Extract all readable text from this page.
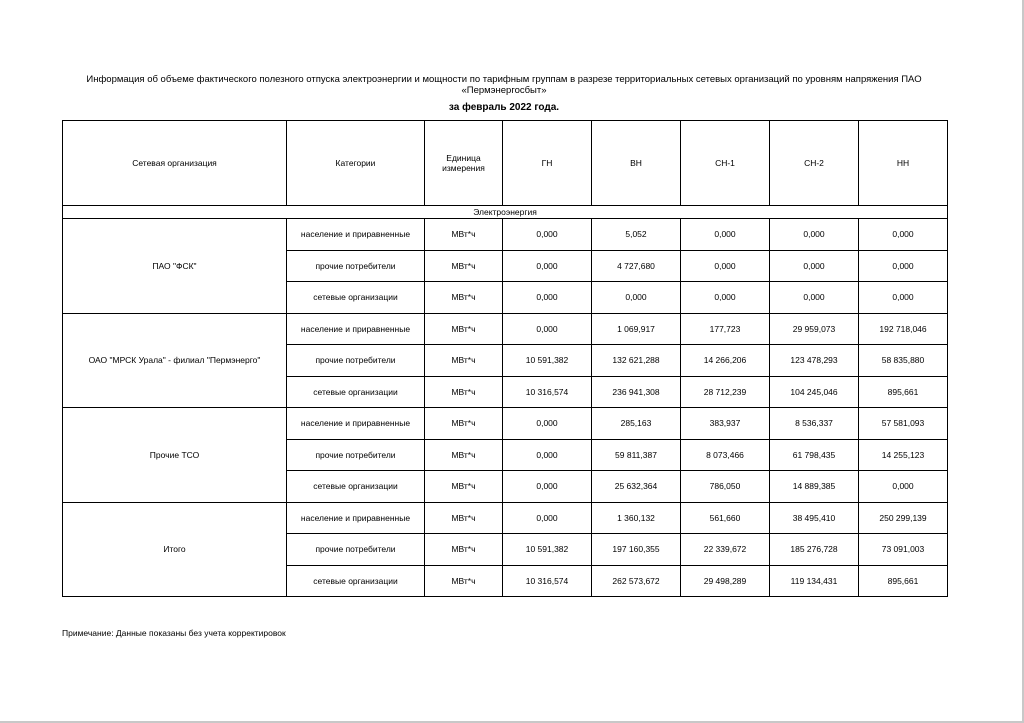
Информация об объеме фактического полезного отпуска электроэнергии и мощности по тарифным группам в разрезе территориальных сетевых организаций по уровням напряжения ПАО «Пермэнергосбыт»
за февраль 2022 года.
Сетевая организация	Категории	Единица измерения	ГН	ВН	СН-1	СН-2	НН
Электроэнергия							
ПАО "ФСК"	население и приравненные	МВт*ч	0,000	5,052	0,000	0,000	0,000
	прочие потребители	МВт*ч	0,000	4 727,680	0,000	0,000	0,000
	сетевые организации	МВт*ч	0,000	0,000	0,000	0,000	0,000
ОАО "МРСК Урала" - филиал "Пермэнерго"	население и приравненные	МВт*ч	0,000	1 069,917	177,723	29 959,073	192 718,046
	прочие потребители	МВт*ч	10 591,382	132 621,288	14 266,206	123 478,293	58 835,880
	сетевые организации	МВт*ч	10 316,574	236 941,308	28 712,239	104 245,046	895,661
Прочие ТСО	население и приравненные	МВт*ч	0,000	285,163	383,937	8 536,337	57 581,093
	прочие потребители	МВт*ч	0,000	59 811,387	8 073,466	61 798,435	14 255,123
	сетевые организации	МВт*ч	0,000	25 632,364	786,050	14 889,385	0,000
Итого	население и приравненные	МВт*ч	0,000	1 360,132	561,660	38 495,410	250 299,139
	прочие потребители	МВт*ч	10 591,382	197 160,355	22 339,672	185 276,728	73 091,003
	сетевые организации	МВт*ч	10 316,574	262 573,672	29 498,289	119 134,431	895,661
Примечание: Данные показаны без учета корректировок
